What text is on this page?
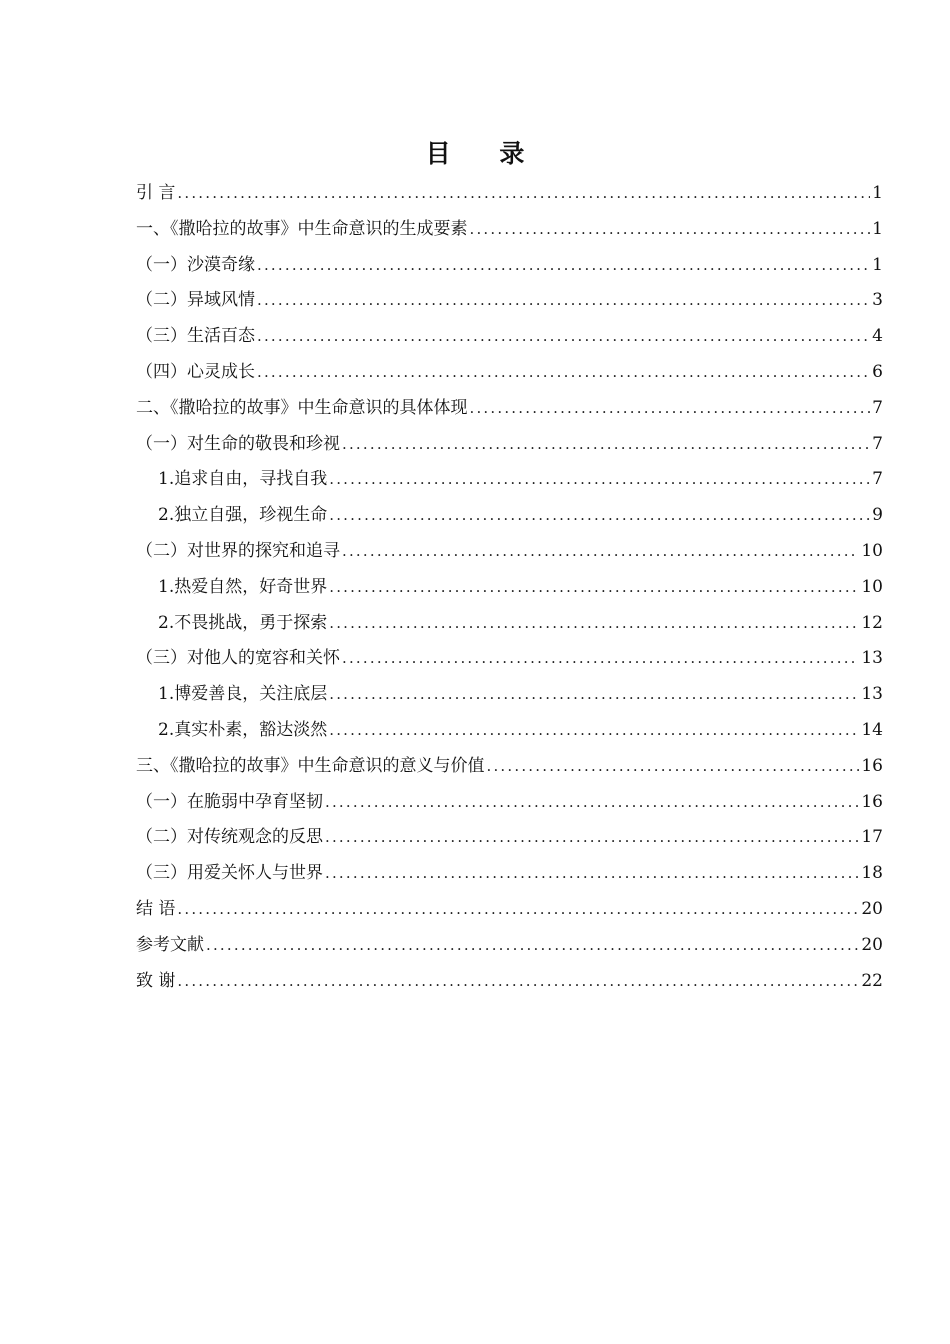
目 录
引 言 .....	1
一、《撒哈拉的故事》中生命意识的生成要素 .....	1
（一）沙漠奇缘 .....	1
（二）异域风情 .....	3
（三）生活百态 .....	4
（四）心灵成长 .....	6
二、《撒哈拉的故事》中生命意识的具体体现 .....	7
（一）对生命的敬畏和珍视 .....	7
1.追求自由，寻找自我 .....	7
2.独立自强，珍视生命 .....	9
（二）对世界的探究和追寻 .....	10
1.热爱自然，好奇世界 .....	10
2.不畏挑战，勇于探索 .....	12
（三）对他人的宽容和关怀 .....	13
1.博爱善良，关注底层 .....	13
2.真实朴素，豁达淡然 .....	14
三、《撒哈拉的故事》中生命意识的意义与价值 .....	16
（一）在脆弱中孕育坚韧 .....	16
（二）对传统观念的反思 .....	17
（三）用爱关怀人与世界 .....	18
结 语 .....	20
参考文献 .....	20
致 谢 .....	22
